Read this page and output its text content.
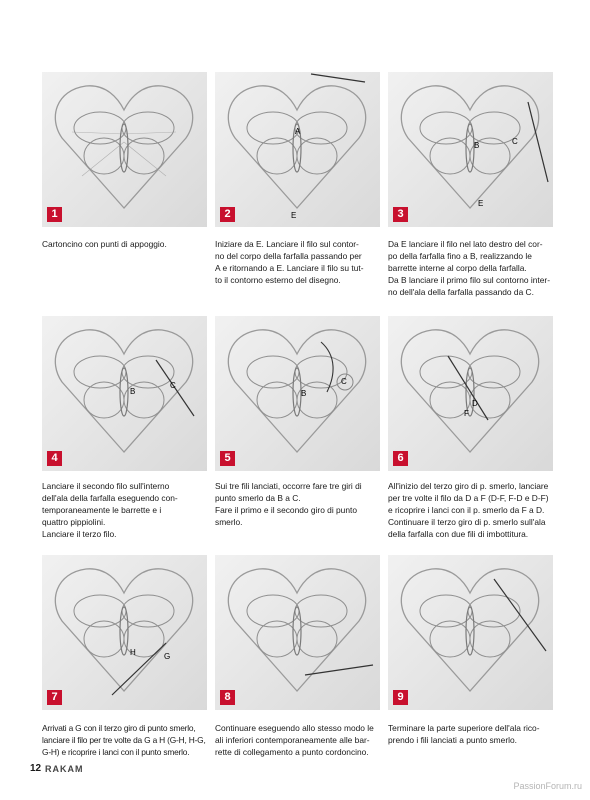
1
A
E
2
B	C
E
3

Cartoncino con punti di appoggio.	Iniziare da E. Lanciare il filo sul contor-
no del corpo della farfalla passando per
A e ritornando a E. Lanciare il filo su tut-
to il contorno esterno del disegno.

Da E lanciare il filo nel lato destro del cor-
po della farfalla fino a B, realizzando le
barrette interne al corpo della farfalla.
Da B lanciare il primo filo sul contorno inter-
no dell'ala della farfalla passando da C.

B
C
4
B
C
5
D
F
6

Lanciare il secondo filo sull'interno
dell'ala della farfalla eseguendo con-
temporaneamente le barrette e i
quattro pippiolini.
Lanciare il terzo filo.

Sui tre fili lanciati, occorre fare tre giri di
punto smerlo da B a C.
Fare il primo e il secondo giro di punto
smerlo.

All'inizio del terzo giro di p. smerlo, lanciare
per tre volte il filo da D a F (D-F, F-D e D-F)
e ricoprire i lanci con il p. smerlo da F a D.
Continuare il terzo giro di p. smerlo sull'ala
della farfalla con due fili di imbottitura.

H	G
7	8	9

Arrivati a G con il terzo giro di punto smerlo,
lanciare il filo per tre volte da G a H (G-H, H-G,
G-H) e ricoprire i lanci con il punto smerlo.

Continuare eseguendo allo stesso modo le
ali inferiori contemporaneamente alle bar-
rette di collegamento a punto cordoncino.

Terminare la parte superiore dell'ala rico-
prendo i fili lanciati a punto smerlo.

12 RAKAM
PassionForum.ru
